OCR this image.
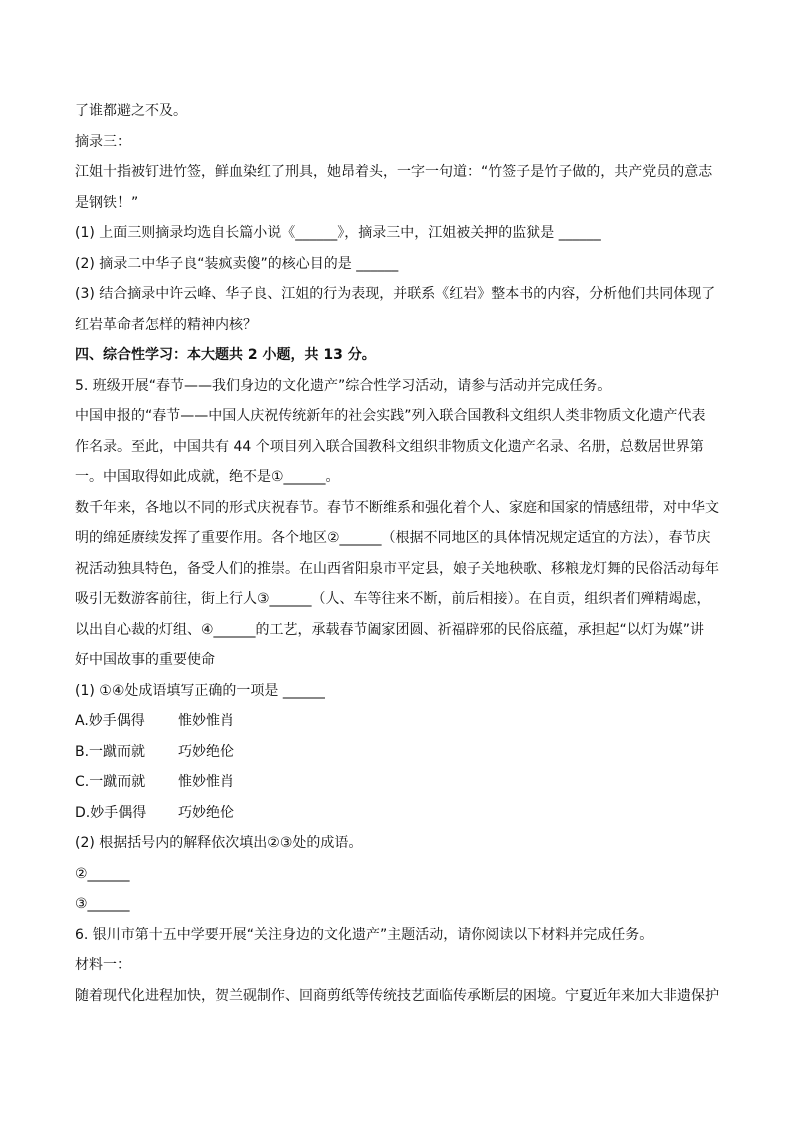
了谁都避之不及。

摘录三：

江姐十指被钉进竹签，鲜血染红了刑具，她昂着头，一字一句道：“竹签子是竹子做的，共产党员的意志

是钢铁！”

(1) 上面三则摘录均选自长篇小说《______》，摘录三中，江姐被关押的监狱是 ______

(2) 摘录二中华子良“装疯卖傻”的核心目的是 ______

(3) 结合摘录中许云峰、华子良、江姐的行为表现，并联系《红岩》整本书的内容，分析他们共同体现了

红岩革命者怎样的精神内核？

四、综合性学习：本大题共 2 小题，共 13 分。

5. 班级开展“春节——我们身边的文化遗产”综合性学习活动，请参与活动并完成任务。

中国申报的“春节——中国人庆祝传统新年的社会实践”列入联合国教科文组织人类非物质文化遗产代表

作名录。至此，中国共有 44 个项目列入联合国教科文组织非物质文化遗产名录、名册，总数居世界第

一。中国取得如此成就，绝不是①______。

数千年来，各地以不同的形式庆祝春节。春节不断维系和强化着个人、家庭和国家的情感纽带，对中华文

明的绵延赓续发挥了重要作用。各个地区②______（根据不同地区的具体情况规定适宜的方法），春节庆

祝活动独具特色，备受人们的推崇。在山西省阳泉市平定县，娘子关地秧歌、移粮龙灯舞的民俗活动每年

吸引无数游客前往，街上行人③______（人、车等往来不断，前后相接）。在自贡，组织者们殚精竭虑，

以出自心裁的灯组、④______的工艺，承载春节阖家团圆、祈福辟邪的民俗底蕴，承担起“以灯为媒”讲

好中国故事的重要使命

(1) ①④处成语填写正确的一项是 ______

A.妙手偶得	惟妙惟肖
B.一蹴而就	巧妙绝伦
C.一蹴而就	惟妙惟肖
D.妙手偶得	巧妙绝伦

(2) 根据括号内的解释依次填出②③处的成语。

②______

③______

6. 银川市第十五中学要开展“关注身边的文化遗产”主题活动，请你阅读以下材料并完成任务。

材料一：

随着现代化进程加快，贺兰砚制作、回商剪纸等传统技艺面临传承断层的困境。宁夏近年来加大非遗保护
